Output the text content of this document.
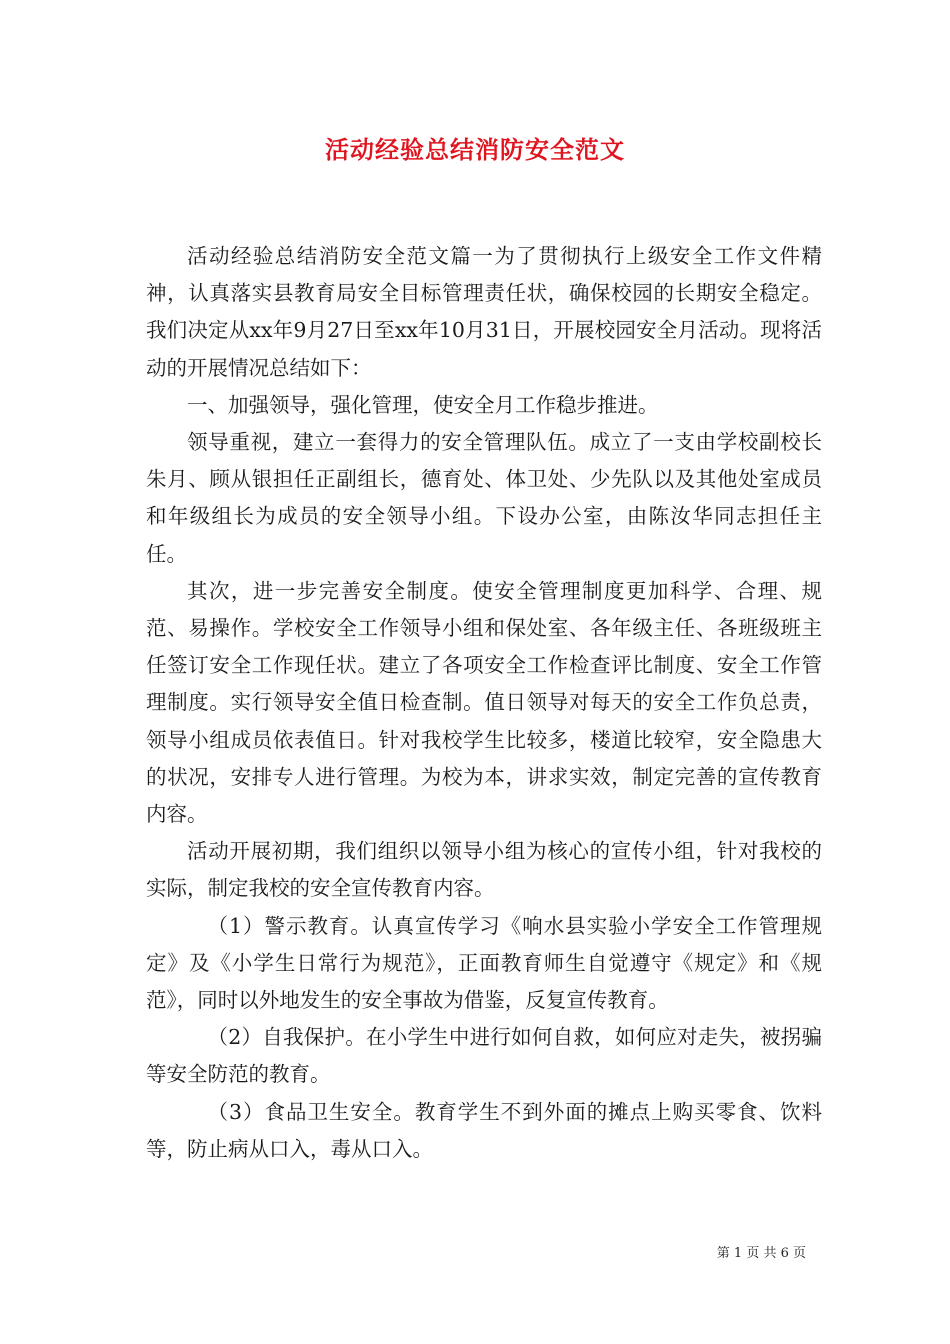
活动经验总结消防安全范文

活动经验总结消防安全范文篇一为了贯彻执行上级安全工作文件精神，认真落实县教育局安全目标管理责任状，确保校园的长期安全稳定。我们决定从xx年9月27日至xx年10月31日，开展校园安全月活动。现将活动的开展情况总结如下：

一、加强领导，强化管理，使安全月工作稳步推进。

领导重视，建立一套得力的安全管理队伍。成立了一支由学校副校长朱月、顾从银担任正副组长，德育处、体卫处、少先队以及其他处室成员和年级组长为成员的安全领导小组。下设办公室，由陈汝华同志担任主任。

其次，进一步完善安全制度。使安全管理制度更加科学、合理、规范、易操作。学校安全工作领导小组和保处室、各年级主任、各班级班主任签订安全工作现任状。建立了各项安全工作检查评比制度、安全工作管理制度。实行领导安全值日检查制。值日领导对每天的安全工作负总责，领导小组成员依表值日。针对我校学生比较多，楼道比较窄，安全隐患大的状况，安排专人进行管理。为校为本，讲求实效，制定完善的宣传教育内容。

活动开展初期，我们组织以领导小组为核心的宣传小组，针对我校的实际，制定我校的安全宣传教育内容。

（1）警示教育。认真宣传学习《响水县实验小学安全工作管理规定》及《小学生日常行为规范》，正面教育师生自觉遵守《规定》和《规范》，同时以外地发生的安全事故为借鉴，反复宣传教育。

（2）自我保护。在小学生中进行如何自救，如何应对走失，被拐骗等安全防范的教育。

（3）食品卫生安全。教育学生不到外面的摊点上购买零食、饮料等，防止病从口入，毒从口入。

第 1 页 共 6 页
